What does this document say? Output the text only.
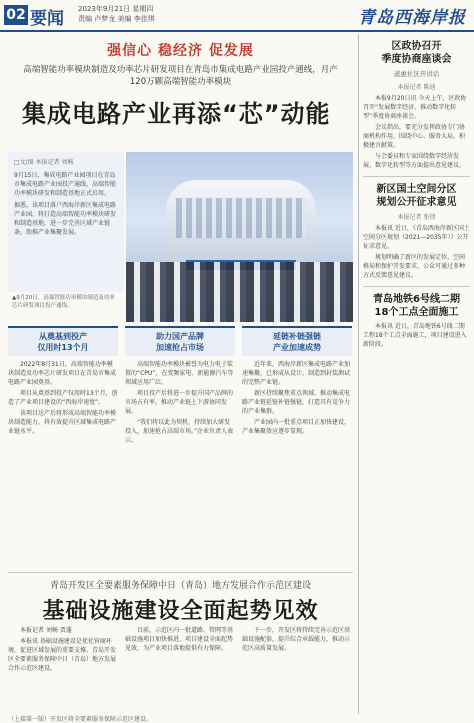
02 要闻 2023年9月21日 星期四
责编 卢梦龙 美编 李佳琪	青岛西海岸报
强信心 稳经济 促发展
高端智能功率模块制造及功率芯片研发项目在青岛市集成电路产业园投产通线，月产120万颗高端智能功率模块
集成电路产业再添“芯”动能

□文/图 本报记者 刘畅

9月15日，集成电路产业园项目在青岛市集成电路产业园投产通线，高端智能功率模块研发和制造基地正式启用。

据悉，该项目落户西海岸新区集成电路产业园，将打造高端智能功率模块研发和制造基地，进一步完善区域产业链条，助推产业集聚发展。

▲9月20日，高端智能功率模块制造及功率芯片研发项目投产通线。
从奠基到投产
仅用时13个月

2022年8月31日，高端智能功率模块制造及功率芯片研发项目在青岛市集成电路产业园奠基。

项目从奠基到投产仅用时13个月，创造了产业项目建设的“西海岸速度”。

该项目达产后将形成高端智能功率模块制造能力，将有效提升区域集成电路产业链水平。

助力国产品牌
加速抢占市场

高端智能功率模块被誉为电力电子装置的“CPU”，在变频家电、新能源汽车等领域应用广泛。

项目投产后将进一步提升国产品牌的市场占有率，推动产业链上下游协同发展。

“我们将以此为契机，持续加大研发投入，加速抢占高端市场。”企业负责人表示。

延链补链强链
产业加速成势

近年来，西海岸新区集成电路产业加速集聚，已形成从设计、制造到封装测试的完整产业链。

新区持续聚焦重点领域，推动集成电路产业链延链补链强链，打造具有竞争力的产业集群。

产业园内一批重点项目正加快建设，产业集聚效应逐步显现。

青岛开发区全要素服务保障中日（青岛）地方发展合作示范区建设
基础设施建设全面起势见效

本报记者 刘畅 贾蓬

本报讯 基础设施建设是优化营商环境、促进区域发展的重要支撑。青岛开发区全要素服务保障中日（青岛）地方发展合作示范区建设。

目前，示范区内一批道路、管网等基础设施项目加快推进，项目建设全面起势见效，为产业项目落地提供有力保障。

下一步，开发区将持续完善示范区基础设施配套，提升综合承载能力，推动示范区高质量发展。

（上接第一版）开发区将全要素服务保障示范区建设。
区政协召开
季度协商座谈会
道惠社区开讲话
本报记者 陈迪

本报9月20日讯 今天上午，区政协召开“发展数字经济、推动数字化转型”季度协商座谈会。

会议指出，要充分发挥政协专门协商机构作用，围绕中心、服务大局，积极建言献策。

与会委员和专家围绕数字经济发展、数字化转型等方面提出意见建议。

新区国土空间分区
规划公开征求意见
本报记者 张倩

本报讯 近日，《青岛西海岸新区国土空间分区规划（2021—2035年）》公开征求意见。

规划明确了新区的发展定位、空间格局和保护开发要求，公众可通过多种方式反馈意见建议。

青岛地铁6号线二期
18个工点全面施工

本报讯 近日，青岛地铁6号线二期工程18个工点全面施工，项目建设进入新阶段。
